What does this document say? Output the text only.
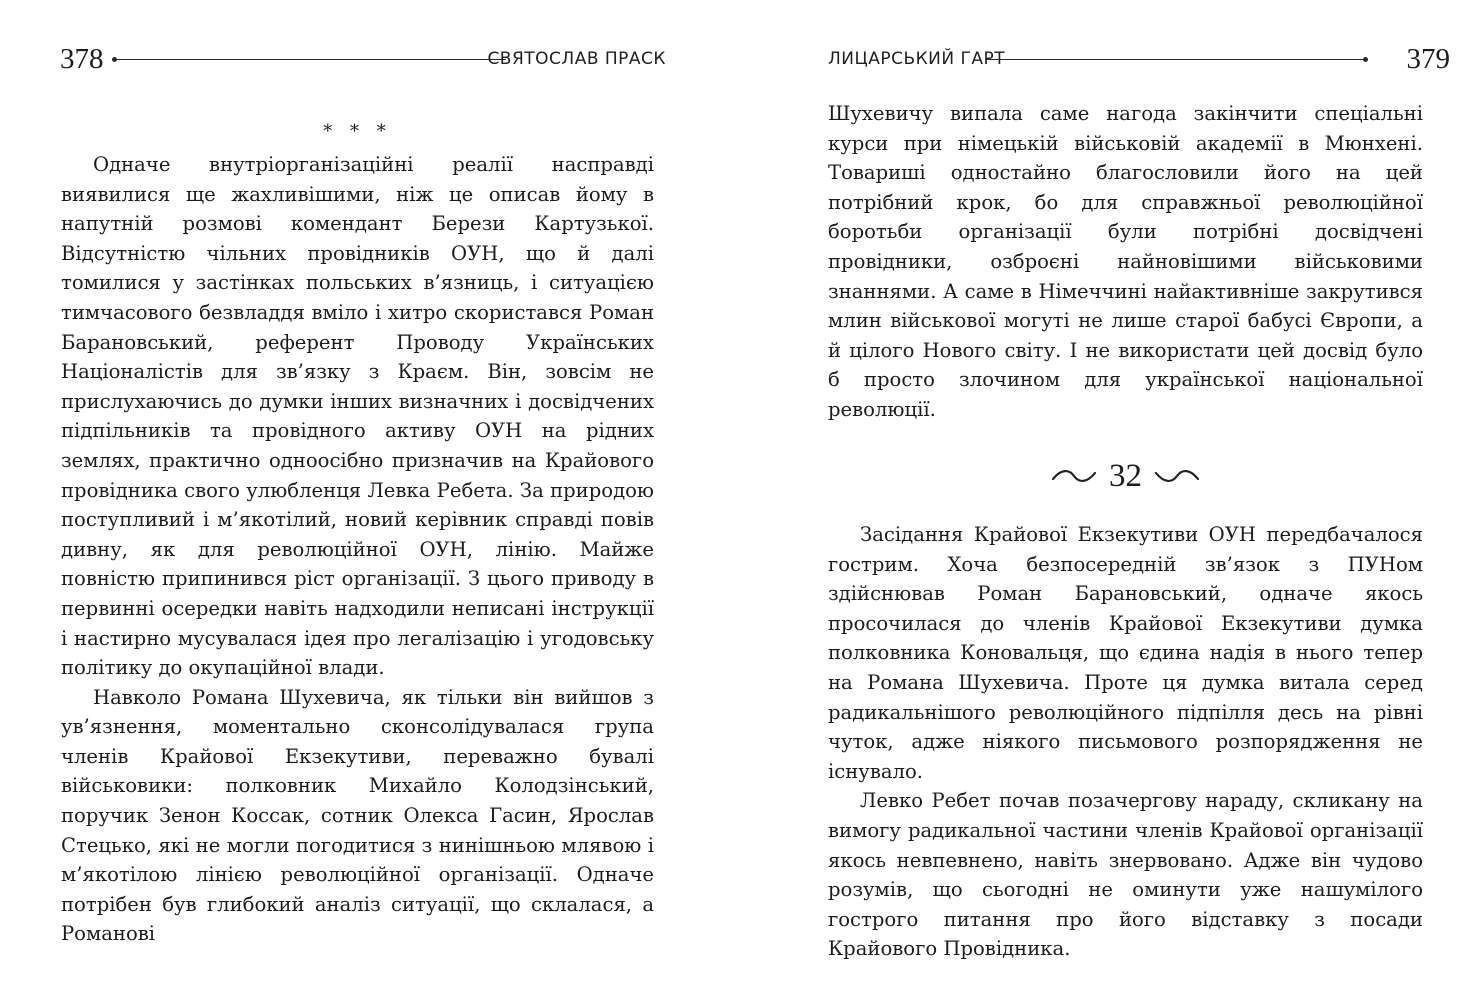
378	СВЯТОСЛАВ ПРАСК
* * *

Одначе внутріорганізаційні реалії насправді виявилися ще жахливішими, ніж це описав йому в напутній розмові комендант Берези Картузької. Відсутністю чільних провідників ОУН, що й далі томилися у застінках польських в’язниць, і ситуацією тимчасового безвладдя вміло і хитро скористався Роман Барановський, референт Проводу Українських Націоналістів для зв’язку з Краєм. Він, зовсім не прислухаючись до думки інших визначних і досвідчених підпільників та провідного активу ОУН на рідних землях, практично одноосібно призначив на Крайового провідника свого улюбленця Левка Ребета. За природою поступливий і м’якотілий, новий керівник справді повів дивну, як для революційної ОУН, лінію. Майже повністю припинився ріст організації. З цього приводу в первинні осередки навіть надходили неписані інструкції і настирно мусувалася ідея про легалізацію і угодовську політику до окупаційної влади.

Навколо Романа Шухевича, як тільки він вийшов з ув’язнення, моментально сконсолідувалася група членів Крайової Екзекутиви, переважно бувалі військовики: полковник Михайло Колодзінський, поручик Зенон Коссак, сотник Олекса Гасин, Ярослав Стецько, які не могли погодитися з нинішньою млявою і м’якотілою лінією революційної організації. Одначе потрібен був глибокий аналіз ситуації, що склалася, а Романові

ЛИЦАРСЬКИЙ ГАРТ	379

Шухевичу випала саме нагода закінчити спеціальні курси при німецькій військовій академії в Мюнхені. Товариші одностайно благословили його на цей потрібний крок, бо для справжньої революційної боротьби організації були потрібні досвідчені провідники, озброєні найновішими військовими знаннями. А саме в Німеччині найактивніше закрутився млин військової могуті не лише старої бабусі Європи, а й цілого Нового світу. І не використати цей досвід було б просто злочином для української національної революції.

32

Засідання Крайової Екзекутиви ОУН передбачалося гострим. Хоча безпосередній зв’язок з ПУНом здійснював Роман Барановський, одначе якось просочилася до членів Крайової Екзекутиви думка полковника Коновальця, що єдина надія в нього тепер на Романа Шухевича. Проте ця думка витала серед радикальнішого революційного підпілля десь на рівні чуток, адже ніякого письмового розпорядження не існувало.

Левко Ребет почав позачергову нараду, скликану на вимогу радикальної частини членів Крайової організації якось невпевнено, навіть знервовано. Адже він чудово розумів, що сьогодні не оминути уже нашумілого гострого питання про його відставку з посади Крайового Провідника.
